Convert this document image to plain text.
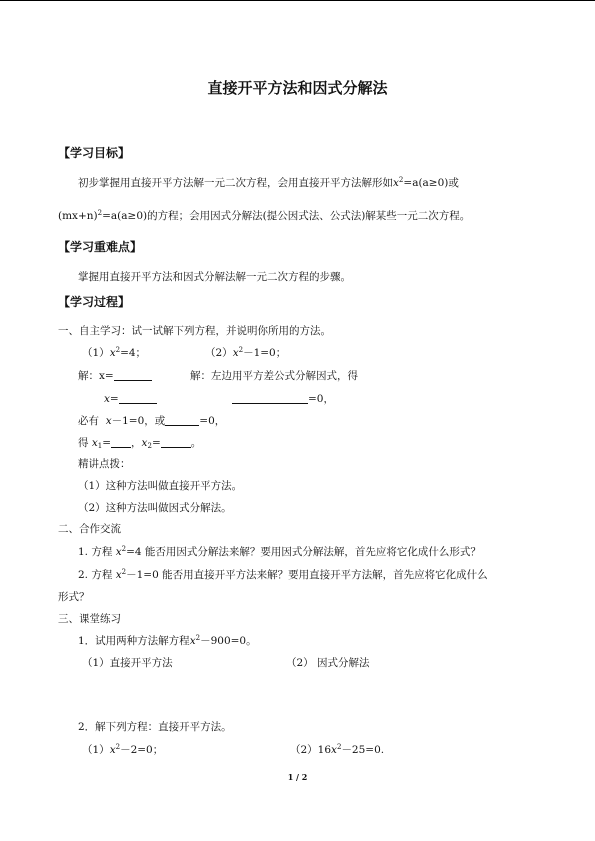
直接开平方法和因式分解法
【学习目标】
初步掌握用直接开平方法解一元二次方程，会用直接开平方法解形如$x^2=a(a\ge 0)$或
$(mx+n)^2=a(a\ge 0)$的方程；会用因式分解法(提公因式法、公式法)解某些一元二次方程。
【学习重难点】
掌握用直接开平方法和因式分解法解一元二次方程的步骤。
【学习过程】
一、自主学习：试一试解下列方程，并说明你所用的方法。
$(1)x^2=4$；	$(2)x^2-1=0$；
解：x=	解：左边用平方差公式分解因式，得
x=	=0，
必有 x－1=0，或	=0，
得 $x_1=$ ，$x_2=$	。
精讲点拨：
（1）这种方法叫做直接开平方法。
（2）这种方法叫做因式分解法。
二、合作交流
1. 方程 $x^2=4$ 能否用因式分解法来解？要用因式分解法解，首先应将它化成什么形式？
2. 方程 $x^2-1=0$ 能否用直接开平方法来解？要用直接开平方法解，首先应将它化成什么
形式？
三、课堂练习
1．试用两种方法解方程$x^2-900=0$。
（1）直接开平方法	（2） 因式分解法
2．解下列方程：直接开平方法。
$(1)x^2-2=0$；	$(2)16x^2-25=0$.
1 / 2
